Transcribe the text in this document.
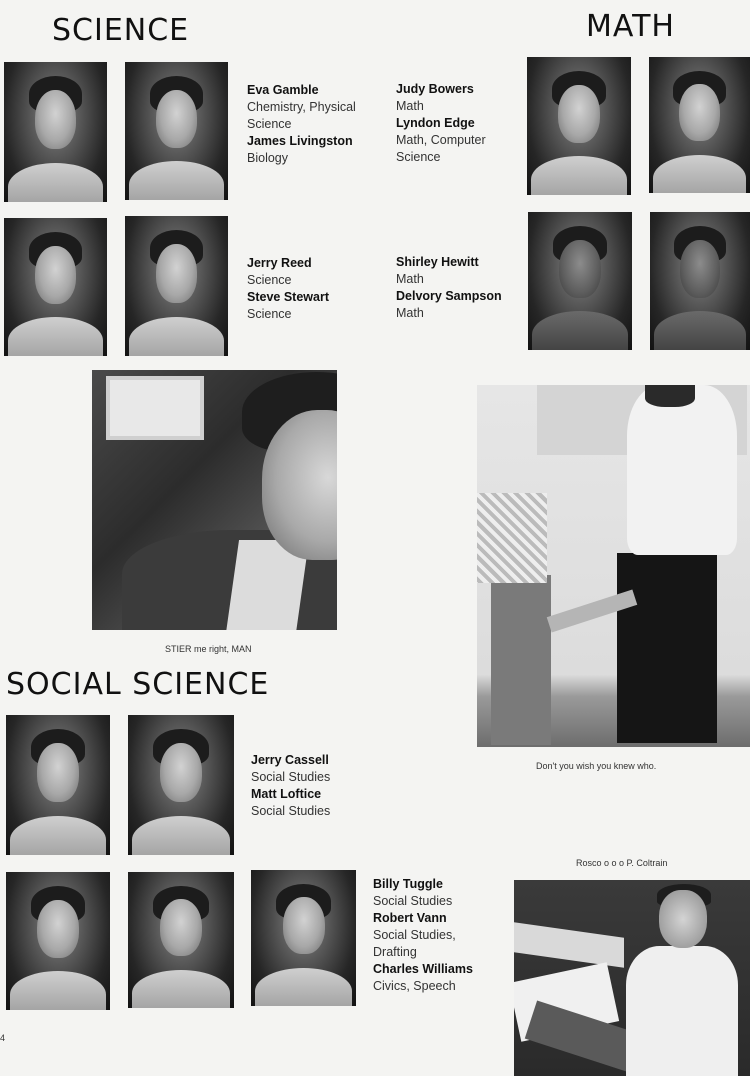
SCIENCE	MATH
SOCIAL SCIENCE
Eva Gamble
Chemistry, Physical
Science
James Livingston
Biology
Jerry Reed
Science
Steve Stewart
Science
Judy Bowers
Math
Lyndon Edge
Math, Computer
Science
Shirley Hewitt
Math
Delvory Sampson
Math
STIER me right, MAN
Don't you wish you knew who.
Jerry Cassell
Social Studies
Matt Loftice
Social Studies
Billy Tuggle
Social Studies
Robert Vann
Social Studies,
Drafting
Charles Williams
Civics, Speech
Rosco o o o P. Coltrain
4
